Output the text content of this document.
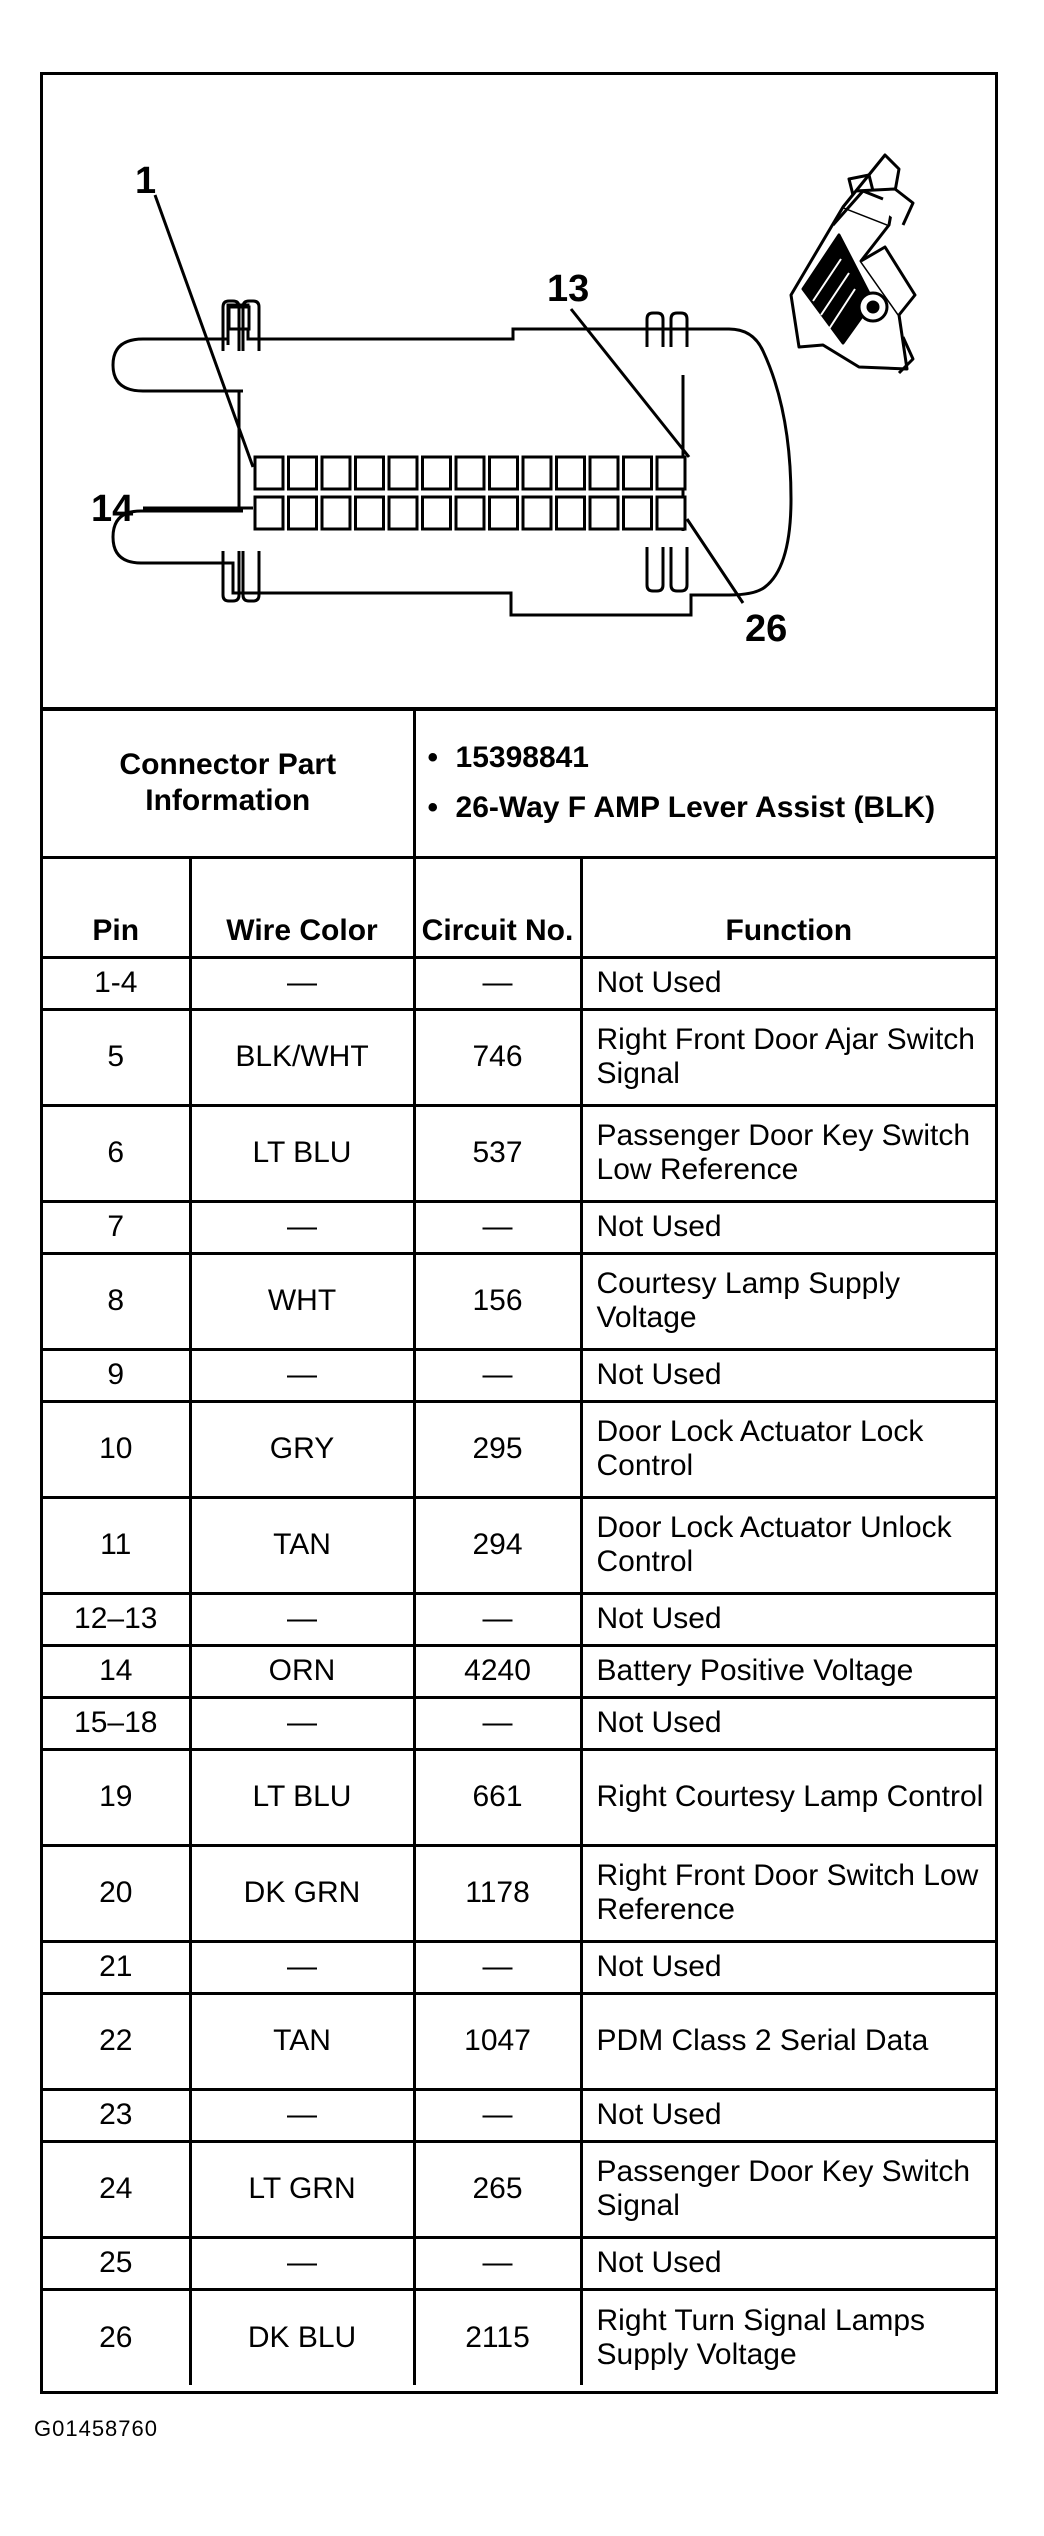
1
13
14
26
Connector Part Information		• 15398841
• 26-Way F AMP Lever Assist (BLK)

Pin	Wire Color	Circuit No.	Function
1-4	—	—	Not Used
5	BLK/WHT	746	Right Front Door Ajar Switch Signal
6	LT BLU	537	Passenger Door Key Switch Low Reference
7	—	—	Not Used
8	WHT	156	Courtesy Lamp Supply Voltage
9	—	—	Not Used
10	GRY	295	Door Lock Actuator Lock Control
11	TAN	294	Door Lock Actuator Unlock Control
12–13	—	—	Not Used
14	ORN	4240	Battery Positive Voltage
15–18	—	—	Not Used
19	LT BLU	661	Right Courtesy Lamp Control
20	DK GRN	1178	Right Front Door Switch Low Reference
21	—	—	Not Used
22	TAN	1047	PDM Class 2 Serial Data
23	—	—	Not Used
24	LT GRN	265	Passenger Door Key Switch Signal
25	—	—	Not Used
26	DK BLU	2115	Right Turn Signal Lamps Supply Voltage
G01458760
